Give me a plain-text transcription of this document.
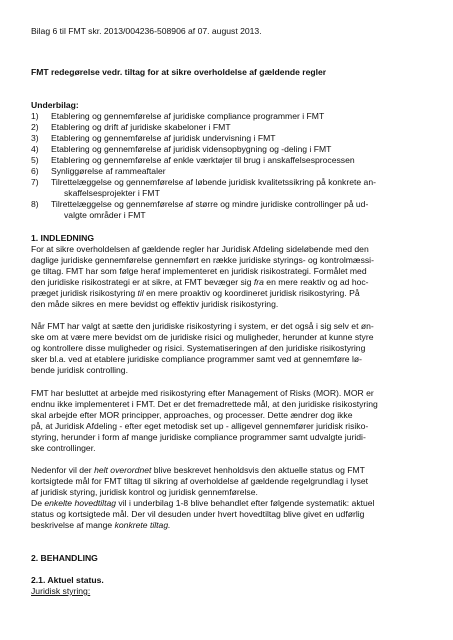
Bilag 6 til FMT skr. 2013/004236-508906 af 07. august 2013.
FMT redegørelse vedr. tiltag for at sikre overholdelse af gældende regler
Underbilag:
1) Etablering og gennemførelse af juridiske compliance programmer i FMT
2) Etablering og drift af juridiske skabeloner i FMT
3) Etablering og gennemførelse af juridisk undervisning i FMT
4) Etablering og gennemførelse af juridisk vidensopbygning og -deling i FMT
5) Etablering og gennemførelse af enkle værktøjer til brug i anskaffelsesprocessen
6) Synliggørelse af rammeaftaler
7) Tilrettelæggelse og gennemførelse af løbende juridisk kvalitetssikring på konkrete an-
skaffelsesprojekter i FMT
8) Tilrettelæggelse og gennemførelse af større og mindre juridiske controllinger på ud-
valgte områder i FMT
1. INDLEDNING
For at sikre overholdelsen af gældende regler har Juridisk Afdeling sideløbende med den
daglige juridiske gennemførelse gennemført en række juridiske styrings- og kontrolmæssi-
ge tiltag. FMT har som følge heraf implementeret en juridisk risikostrategi. Formålet med
den juridiske risikostrategi er at sikre, at FMT bevæger sig fra en mere reaktiv og ad hoc-
præget juridisk risikostyring til en mere proaktiv og koordineret juridisk risikostyring. På
den måde sikres en mere bevidst og effektiv juridisk risikostyring.
Når FMT har valgt at sætte den juridiske risikostyring i system, er det også i sig selv et øn-
ske om at være mere bevidst om de juridiske risici og muligheder, herunder at kunne styre
og kontrollere disse muligheder og risici. Systematiseringen af den juridiske risikostyring
sker bl.a. ved at etablere juridiske compliance programmer samt ved at gennemføre lø-
bende juridisk controlling.
FMT har besluttet at arbejde med risikostyring efter Management of Risks (MOR). MOR er
endnu ikke implementeret i FMT. Det er det fremadrettede mål, at den juridiske risikostyring
skal arbejde efter MOR principper, approaches, og processer. Dette ændrer dog ikke
på, at Juridisk Afdeling - efter eget metodisk set up - alligevel gennemfører juridisk risiko-
styring, herunder i form af mange juridiske compliance programmer samt udvalgte juridi-
ske controllinger.
Nedenfor vil der helt overordnet blive beskrevet henholdsvis den aktuelle status og FMT
kortsigtede mål for FMT tiltag til sikring af overholdelse af gældende regelgrundlag i lyset
af juridisk styring, juridisk kontrol og juridisk gennemførelse.
De enkelte hovedtiltag vil i underbilag 1-8 blive behandlet efter følgende systematik: aktuel
status og kortsigtede mål. Der vil desuden under hvert hovedtiltag blive givet en udførlig
beskrivelse af mange konkrete tiltag.
2. BEHANDLING
2.1. Aktuel status.
Juridisk styring:
